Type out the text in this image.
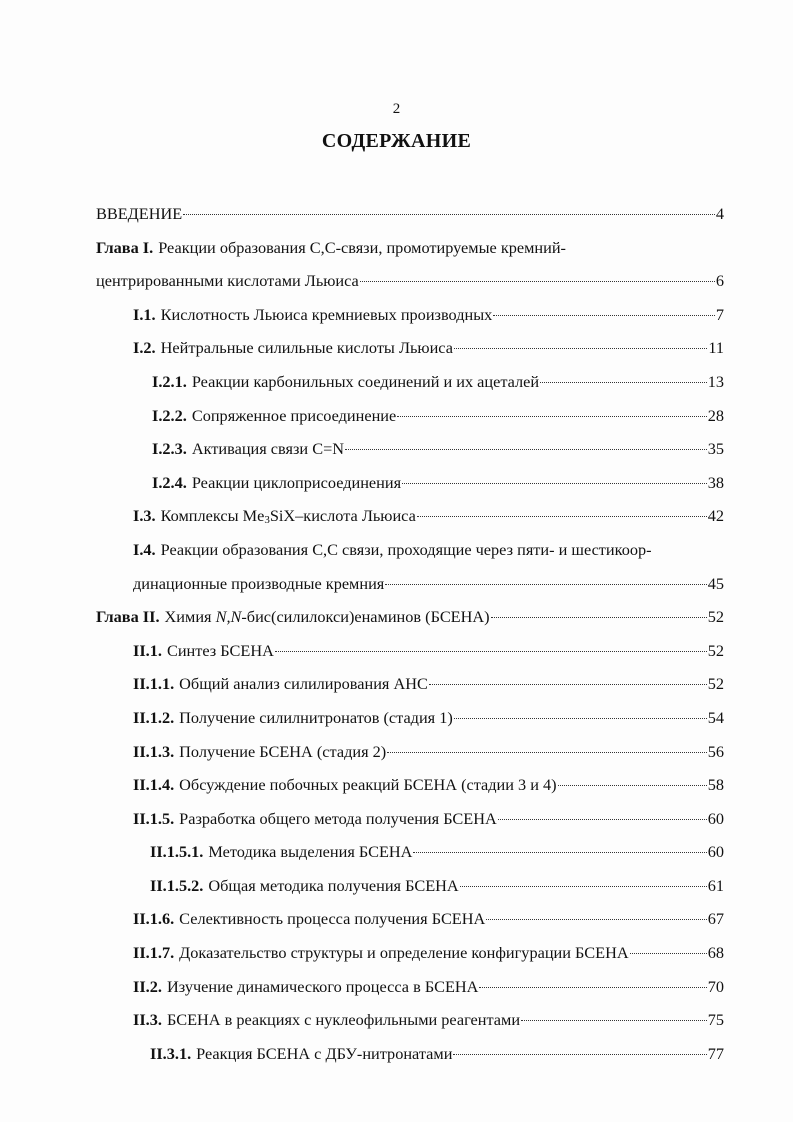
2
СОДЕРЖАНИЕ
ВВЕДЕНИЕ	4
Глава I. Реакции образования C,C-связи, промотируемые кремний-
центрированными кислотами Льюиса	6
I.1. Кислотность Льюиса кремниевых производных	7
I.2. Нейтральные силильные кислоты Льюиса	11
I.2.1. Реакции карбонильных соединений и их ацеталей	13
I.2.2. Сопряженное присоединение	28
I.2.3. Активация связи C=N	35
I.2.4. Реакции циклоприсоединения	38
I.3. Комплексы $Me_3SiX$–кислота Льюиса	42
I.4. Реакции образования C,C связи, проходящие через пяти- и шестикоор-
динационные производные кремния	45
Глава II. Химия N,N-бис(силилокси)енаминов (БСЕНА)	52
II.1. Синтез БСЕНА	52
II.1.1. Общий анализ силилирования АНС	52
II.1.2. Получение силилнитронатов (стадия 1)	54
II.1.3. Получение БСЕНА (стадия 2)	56
II.1.4. Обсуждение побочных реакций БСЕНА (стадии 3 и 4)	58
II.1.5. Разработка общего метода получения БСЕНА	60
II.1.5.1. Методика выделения БСЕНА	60
II.1.5.2. Общая методика получения БСЕНА	61
II.1.6. Селективность процесса получения БСЕНА	67
II.1.7. Доказательство структуры и определение конфигурации БСЕНА	68
II.2. Изучение динамического процесса в БСЕНА	70
II.3. БСЕНА в реакциях с нуклеофильными реагентами	75
II.3.1. Реакция БСЕНА с ДБУ-нитронатами	77
